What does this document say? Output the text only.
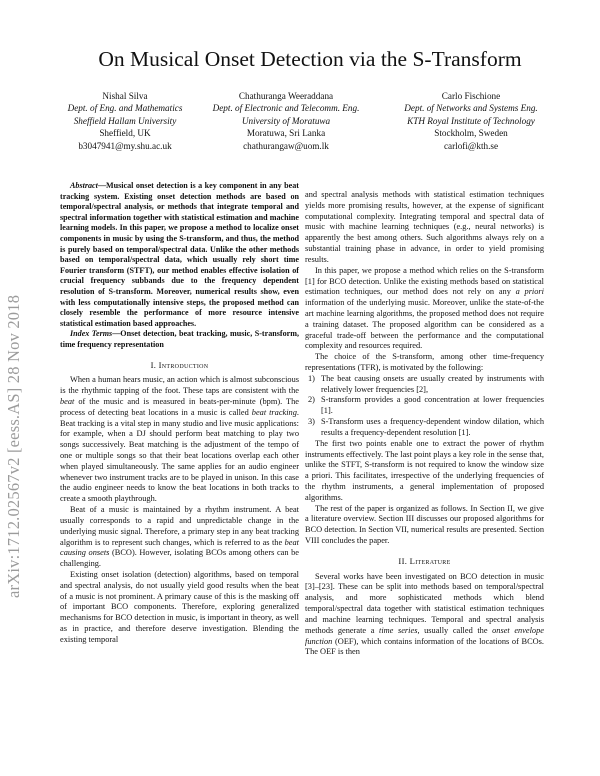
arXiv:1712.02567v2 [eess.AS] 28 Nov 2018
On Musical Onset Detection via the S-Transform
Nishal Silva
Dept. of Eng. and Mathematics
Sheffield Hallam University
Sheffield, UK
b3047941@my.shu.ac.uk
Chathuranga Weeraddana
Dept. of Electronic and Telecomm. Eng.
University of Moratuwa
Moratuwa, Sri Lanka
chathurangaw@uom.lk
Carlo Fischione
Dept. of Networks and Systems Eng.
KTH Royal Institute of Technology
Stockholm, Sweden
carlofi@kth.se

Abstract—Musical onset detection is a key component in any beat tracking system. Existing onset detection methods are based on temporal/spectral analysis, or methods that integrate temporal and spectral information together with statistical estimation and machine learning models. In this paper, we propose a method to localize onset components in music by using the S-transform, and thus, the method is purely based on temporal/spectral data. Unlike the other methods based on temporal/spectral data, which usually rely short time Fourier transform (STFT), our method enables effective isolation of crucial frequency subbands due to the frequency dependent resolution of S-transform. Moreover, numerical results show, even with less computationally intensive steps, the proposed method can closely resemble the performance of more resource intensive statistical estimation based approaches.

Index Terms—Onset detection, beat tracking, music, S-transform, time frequency representation

I. Introduction

When a human hears music, an action which is almost subconscious is the rhythmic tapping of the foot. These taps are consistent with the beat of the music and is measured in beats-per-minute (bpm). The process of detecting beat locations in a music is called beat tracking. Beat tracking is a vital step in many studio and live music applications: for example, when a DJ should perform beat matching to play two songs successively. Beat matching is the adjustment of the tempo of one or multiple songs so that their beat locations overlap each other when played simultaneously. The same applies for an audio engineer whenever two instrument tracks are to be played in unison. In this case the audio engineer needs to know the beat locations in both tracks to create a smooth playthrough.

Beat of a music is maintained by a rhythm instrument. A beat usually corresponds to a rapid and unpredictable change in the underlying music signal. Therefore, a primary step in any beat tracking algorithm is to represent such changes, which is referred to as the beat causing onsets (BCO). However, isolating BCOs among others can be challenging.

Existing onset isolation (detection) algorithms, based on temporal and spectral analysis, do not usually yield good results when the beat of a music is not prominent. A primary cause of this is the masking off of important BCO components. Therefore, exploring generalized mechanisms for BCO detection in music, is important in theory, as well as in practice, and therefore deserve investigation. Blending the existing temporal

and spectral analysis methods with statistical estimation techniques yields more promising results, however, at the expense of significant computational complexity. Integrating temporal and spectral data of music with machine learning techniques (e.g., neural networks) is apparently the best among others. Such algorithms always rely on a substantial training phase in advance, in order to yield promising results.

In this paper, we propose a method which relies on the S-transform [1] for BCO detection. Unlike the existing methods based on statistical estimation techniques, our method does not rely on any a priori information of the underlying music. Moreover, unlike the state-of-the art machine learning algorithms, the proposed method does not require a training dataset. The proposed algorithm can be considered as a graceful trade-off between the performance and the computational complexity and resources required.

The choice of the S-transform, among other time-frequency representations (TFR), is motivated by the following:

1) The beat causing onsets are usually created by instruments with relatively lower frequencies [2],
2) S-transform provides a good concentration at lower frequencies [1].
3) S-Transform uses a frequency-dependent window dilation, which results a frequency-dependent resolution [1].

The first two points enable one to extract the power of rhythm instruments effectively. The last point plays a key role in the sense that, unlike the STFT, S-transform is not required to know the window size a priori. This facilitates, irrespective of the underlying frequencies of the rhythm instruments, a general implementation of proposed algorithms.

The rest of the paper is organized as follows. In Section II, we give a literature overview. Section III discusses our proposed algorithms for BCO detection. In Section VII, numerical results are presented. Section VIII concludes the paper.

II. Literature

Several works have been investigated on BCO detection in music [3]–[23]. These can be split into methods based on temporal/spectral analysis, and more sophisticated methods which blend temporal/spectral data together with statistical estimation techniques and machine learning techniques. Temporal and spectral analysis methods generate a time series, usually called the onset envelope function (OEF), which contains information of the locations of BCOs. The OEF is then
